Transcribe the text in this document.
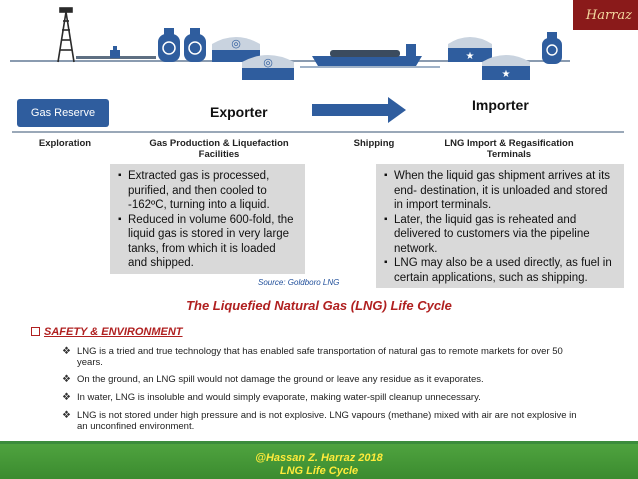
◎
◎
★
★
Harraz
Gas Reserve	Exporter	Importer
Exploration	Gas Production & Liquefaction
Facilities
Shipping	LNG Import & Regasification
Terminals
▪ Extracted gas is processed, purified, and then cooled to -162ºC, turning into a liquid.
▪ Reduced in volume 600-fold, the liquid gas is stored in very large tanks, from which it is loaded and shipped.
Source: Goldboro LNG
▪ When the liquid gas shipment arrives at its end- destination, it is unloaded and stored in import terminals.
▪ Later, the liquid gas is reheated and delivered to customers via the pipeline network.
▪ LNG may also be a used directly, as fuel in certain applications, such as shipping.
The Liquefied Natural Gas (LNG) Life Cycle
SAFETY & ENVIRONMENT
❖ LNG is a tried and true technology that has enabled safe transportation of natural gas to remote markets for over 50 years.
❖ On the ground, an LNG spill would not damage the ground or leave any residue as it evaporates.
❖ In water, LNG is insoluble and would simply evaporate, making water-spill cleanup unnecessary.
❖ LNG is not stored under high pressure and is not explosive. LNG vapours (methane) mixed with air are not explosive in an unconfined environment.
@Hassan Z. Harraz 2018
LNG Life Cycle
